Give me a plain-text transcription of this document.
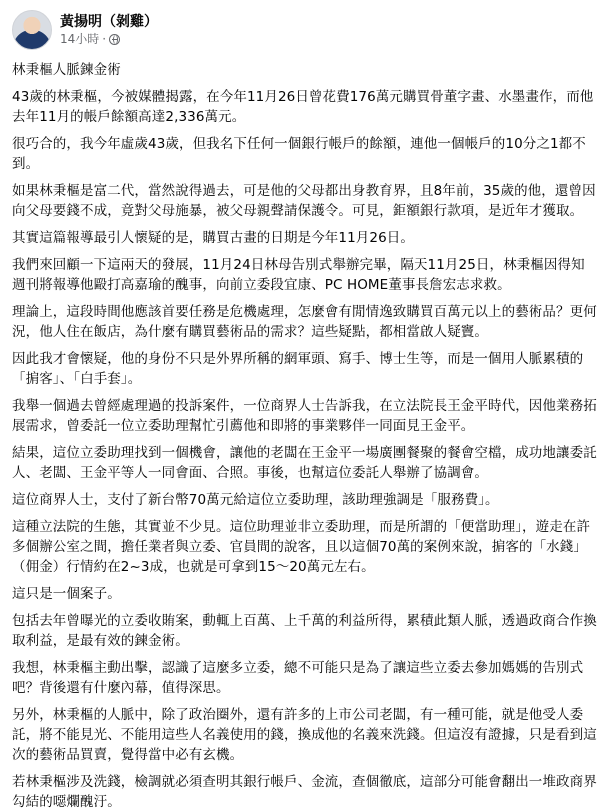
黃揚明（剝雞）
14小時 ·

林秉樞人脈鍊金術

43歲的林秉樞，今被媒體揭露，在今年11月26日曾花費176萬元購買骨董字畫、水墨畫作，而他去年11月的帳戶餘額高達2,336萬元。

很巧合的，我今年虛歲43歲，但我名下任何一個銀行帳戶的餘額，連他一個帳戶的10分之1都不到。

如果林秉樞是富二代，當然說得過去，可是他的父母都出身教育界，且8年前，35歲的他，還曾因向父母要錢不成，竟對父母施暴，被父母親聲請保護令。可見，鉅額銀行款項，是近年才獲取。

其實這篇報導最引人懷疑的是，購買古畫的日期是今年11月26日。

我們來回顧一下這兩天的發展，11月24日林母告別式舉辦完畢，隔天11月25日，林秉樞因得知週刊將報導他毆打高嘉瑜的醜事，向前立委段宜康、PC HOME董事長詹宏志求救。

理論上，這段時間他應該首要任務是危機處理，怎麼會有閒情逸致購買百萬元以上的藝術品？更何況，他人住在飯店，為什麼有購買藝術品的需求？這些疑點，都相當啟人疑竇。

因此我才會懷疑，他的身份不只是外界所稱的網軍頭、寫手、博士生等，而是一個用人脈累積的「掮客」、「白手套」。

我舉一個過去曾經處理過的投訴案件，一位商界人士告訴我，在立法院長王金平時代，因他業務拓展需求，曾委託一位立委助理幫忙引薦他和即將的事業夥伴一同面見王金平。

結果，這位立委助理找到一個機會，讓他的老闆在王金平一場廣團餐聚的餐會空檔，成功地讓委託人、老闆、王金平等人一同會面、合照。事後，也幫這位委託人舉辦了協調會。

這位商界人士，支付了新台幣70萬元給這位立委助理，該助理強調是「服務費」。

這種立法院的生態，其實並不少見。這位助理並非立委助理，而是所謂的「便當助理」，遊走在許多個辦公室之間，擔任業者與立委、官員間的說客，且以這個70萬的案例來說，掮客的「水錢」（佣金）行情約在2~3成，也就是可拿到15～20萬元左右。

這只是一個案子。

包括去年曾曝光的立委收賄案，動輒上百萬、上千萬的利益所得，累積此類人脈，透過政商合作換取利益，是最有效的鍊金術。

我想，林秉樞主動出擊，認識了這麼多立委，總不可能只是為了讓這些立委去參加媽媽的告別式吧？背後還有什麼內幕，值得深思。

另外，林秉樞的人脈中，除了政治圈外，還有許多的上市公司老闆，有一種可能，就是他受人委託，將不能見光、不能用這些人名義使用的錢，換成他的名義來洗錢。但這沒有證據，只是看到這次的藝術品買賣，覺得當中必有玄機。

若林秉樞涉及洗錢，檢調就必須查明其銀行帳戶、金流，查個徹底，這部分可能會翻出一堆政商界勾結的噁爛醜汙。
